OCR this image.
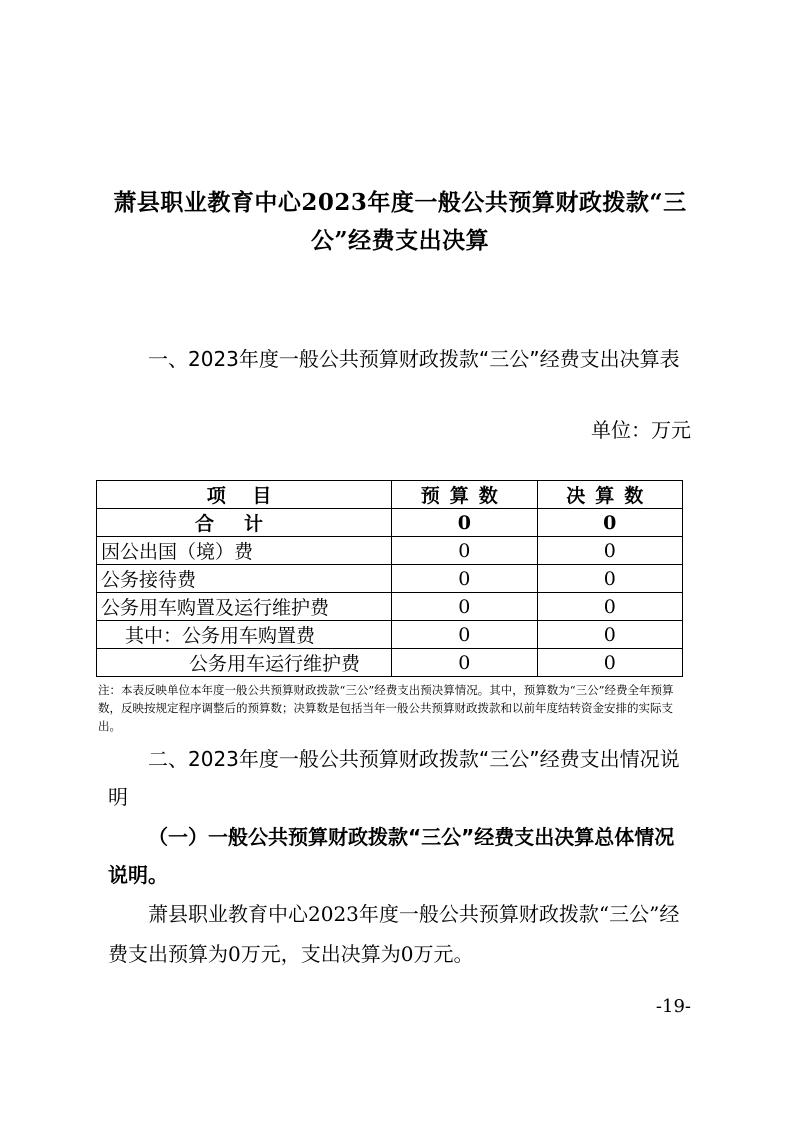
萧县职业教育中心2023年度一般公共预算财政拨款“三公”经费支出决算
一、2023年度一般公共预算财政拨款“三公”经费支出决算表
单位：万元
项 目	预算数	决算数
合计	0	0
因公出国（境）费	0	0
公务接待费	0	0
公务用车购置及运行维护费	0	0
其中：公务用车购置费	0	0
公务用车运行维护费	0	0
注：本表反映单位本年度一般公共预算财政拨款“三公”经费支出预决算情况。其中，预算数为“三公”经费全年预算数，反映按规定程序调整后的预算数；决算数是包括当年一般公共预算财政拨款和以前年度结转资金安排的实际支出。
二、2023年度一般公共预算财政拨款“三公”经费支出情况说明
（一）一般公共预算财政拨款“三公”经费支出决算总体情况说明。
萧县职业教育中心2023年度一般公共预算财政拨款“三公”经费支出预算为0万元，支出决算为0万元。
-19-
